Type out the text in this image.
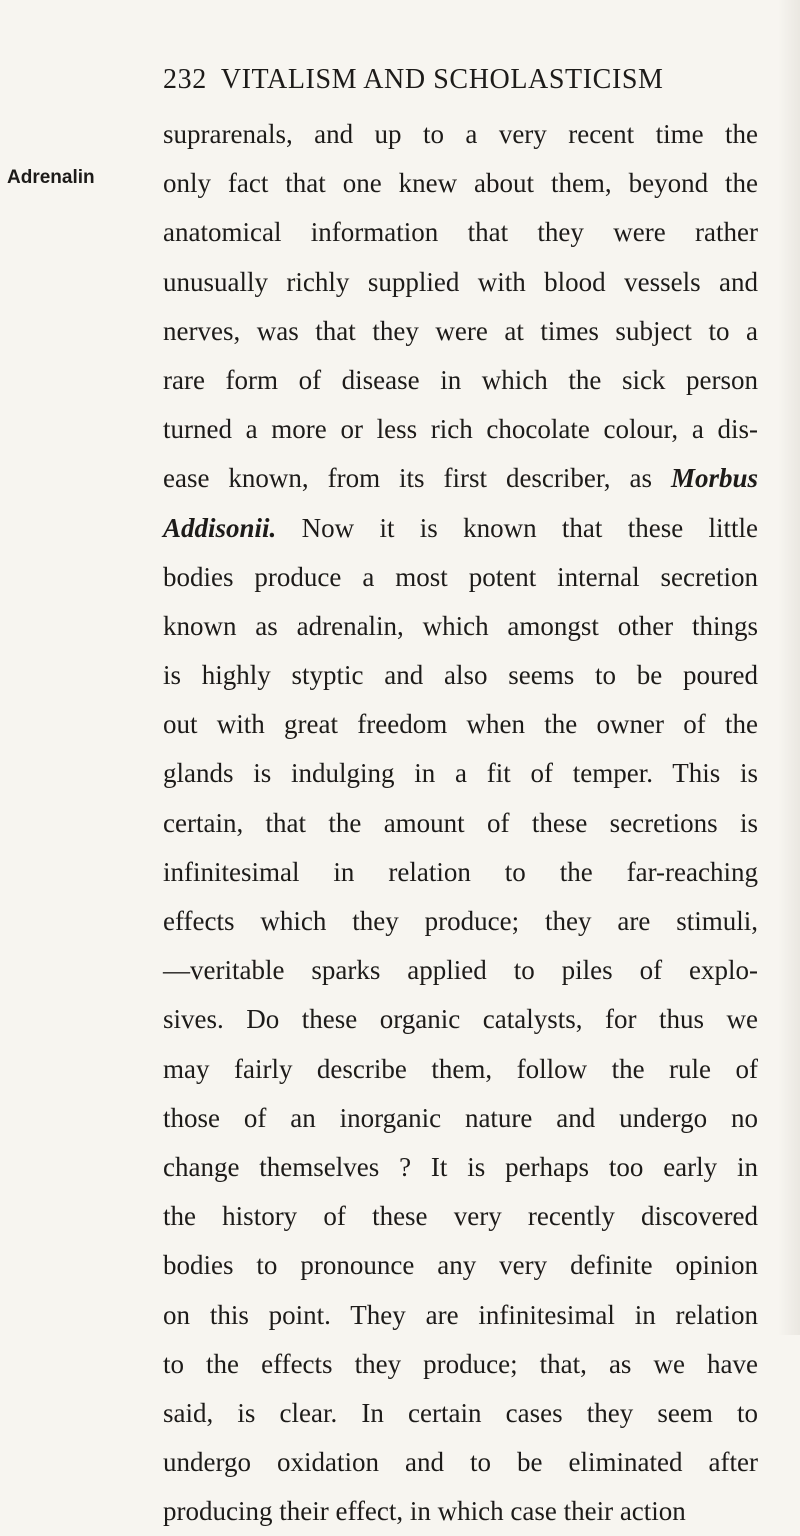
232 VITALISM AND SCHOLASTICISM
Adrenalin
suprarenals, and up to a very recent time the
only fact that one knew about them, beyond the
anatomical information that they were rather
unusually richly supplied with blood vessels and
nerves, was that they were at times subject to a
rare form of disease in which the sick person
turned a more or less rich chocolate colour, a dis-
ease known, from its first describer, as Morbus
Addisonii. Now it is known that these little
bodies produce a most potent internal secretion
known as adrenalin, which amongst other things
is highly styptic and also seems to be poured
out with great freedom when the owner of the
glands is indulging in a fit of temper. This is
certain, that the amount of these secretions is
infinitesimal in relation to the far-reaching
effects which they produce; they are stimuli,
—veritable sparks applied to piles of explo-
sives. Do these organic catalysts, for thus we
may fairly describe them, follow the rule of
those of an inorganic nature and undergo no
change themselves ? It is perhaps too early in
the history of these very recently discovered
bodies to pronounce any very definite opinion
on this point. They are infinitesimal in relation
to the effects they produce; that, as we have
said, is clear. In certain cases they seem to
undergo oxidation and to be eliminated after
producing their effect, in which case their action
